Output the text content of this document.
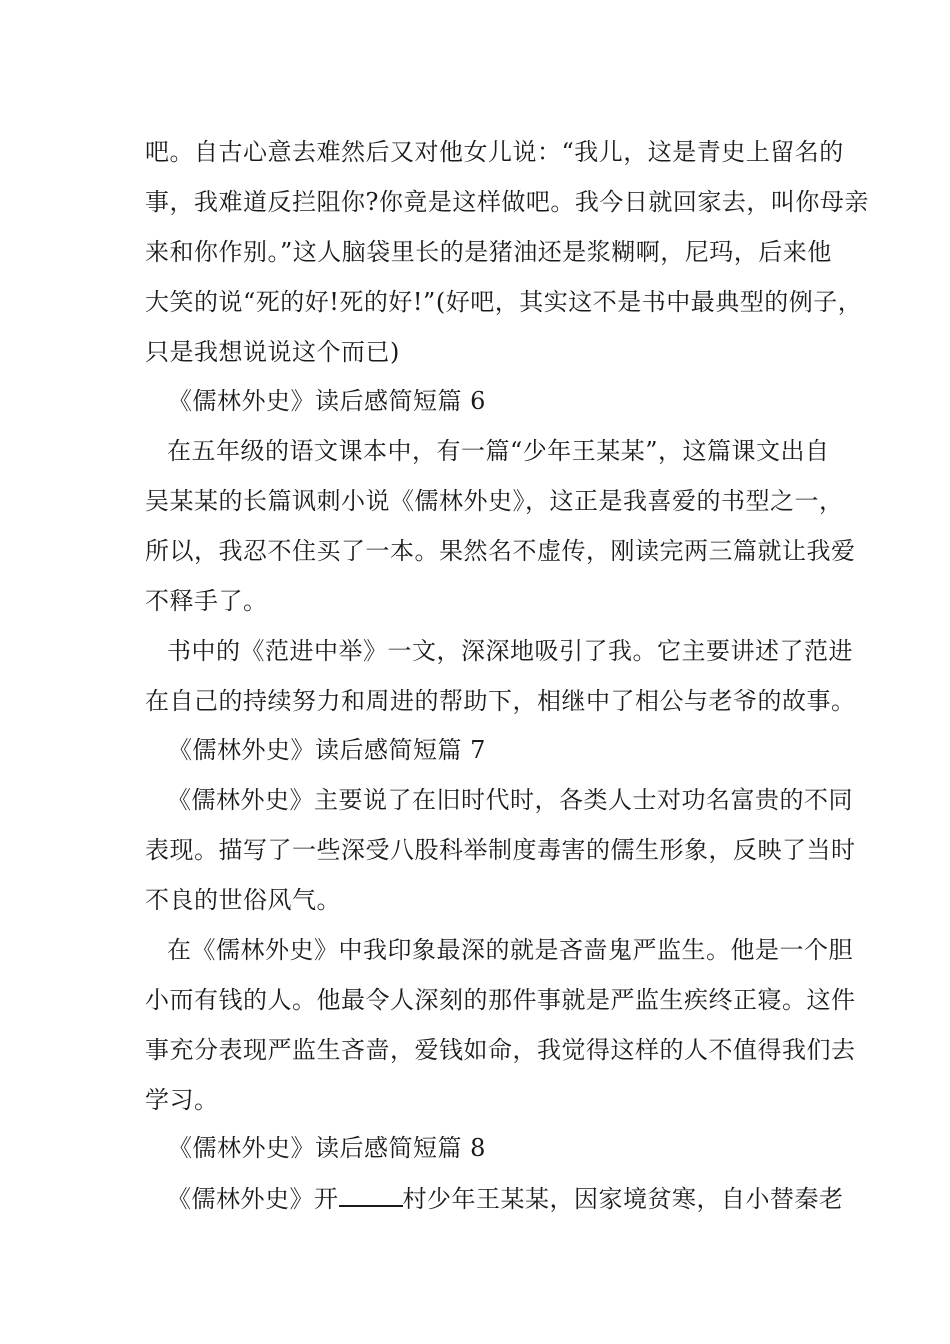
吧。自古心意去难然后又对他女儿说：“我儿，这是青史上留名的
事，我难道反拦阻你?你竟是这样做吧。我今日就回家去，叫你母亲
来和你作别。”这人脑袋里长的是猪油还是浆糊啊，尼玛，后来他
大笑的说“死的好!死的好!”(好吧，其实这不是书中最典型的例子，
只是我想说说这个而已)
《儒林外史》读后感简短篇 6
在五年级的语文课本中，有一篇“少年王某某”，这篇课文出自
吴某某的长篇讽刺小说《儒林外史》，这正是我喜爱的书型之一，
所以，我忍不住买了一本。果然名不虚传，刚读完两三篇就让我爱
不释手了。
书中的《范进中举》一文，深深地吸引了我。它主要讲述了范进
在自己的持续努力和周进的帮助下，相继中了相公与老爷的故事。
《儒林外史》读后感简短篇 7
《儒林外史》主要说了在旧时代时，各类人士对功名富贵的不同
表现。描写了一些深受八股科举制度毒害的儒生形象，反映了当时
不良的世俗风气。
在《儒林外史》中我印象最深的就是吝啬鬼严监生。他是一个胆
小而有钱的人。他最令人深刻的那件事就是严监生疾终正寝。这件
事充分表现严监生吝啬，爱钱如命，我觉得这样的人不值得我们去
学习。
《儒林外史》读后感简短篇 8
《儒林外史》开	村少年王某某，因家境贫寒，自小替秦老
